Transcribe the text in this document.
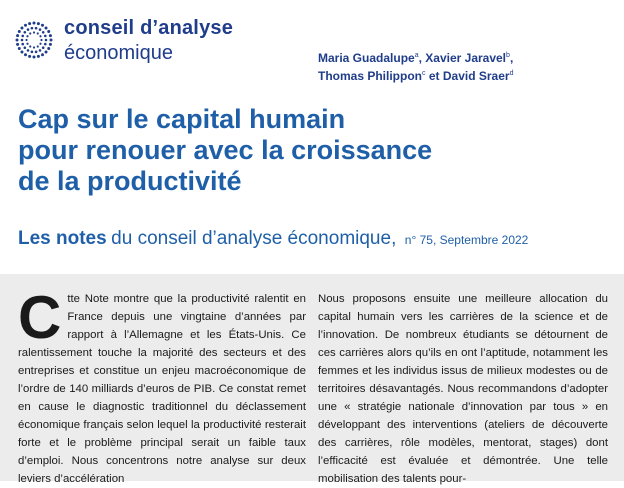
conseil d’analyse
économique	Maria Guadalupe$^a$, Xavier Jaravel$^b$,
Thomas Philippon$^c$ et David Sraer$^d$
Cap sur le capital humain
pour renouer avec la croissance
de la productivité
Les notes du conseil d’analyse économique, n° 75, Septembre 2022
C tte Note montre que la productivité ralentit en France depuis une vingtaine d’années par rapport à l’Allemagne et les États-Unis. Ce ralentissement touche la majorité des secteurs et des entreprises et constitue un enjeu macroéconomique de l’ordre de 140 milliards d’euros de PIB. Ce constat remet en cause le diagnostic traditionnel du déclassement économique français selon lequel la productivité resterait forte et le problème principal serait un faible taux d’emploi. Nous concentrons notre analyse sur deux leviers d’accélération

Nous proposons ensuite une meilleure allocation du capital humain vers les carrières de la science et de l’innovation. De nombreux étudiants se détournent de ces carrières alors qu’ils en ont l’aptitude, notamment les femmes et les individus issus de milieux modestes ou de territoires désavantagés. Nous recommandons d’adopter une « stratégie nationale d’innovation par tous » en développant des interventions (ateliers de découverte des carrières, rôle modèles, mentorat, stages) dont l’efficacité est évaluée et démontrée. Une telle mobilisation des talents pour-
